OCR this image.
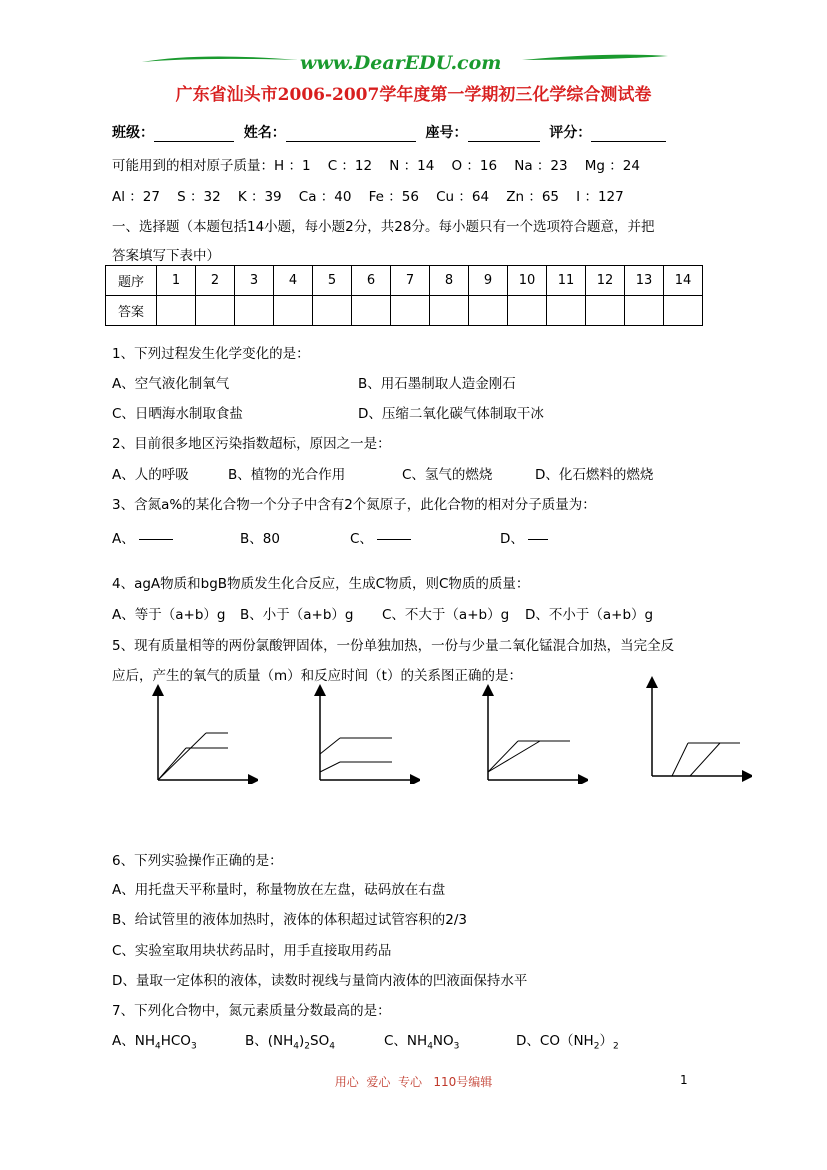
www.DearEDU.com
广东省汕头市2006-2007学年度第一学期初三化学综合测试卷
班级：	姓名：	座号：	评分：
可能用到的相对原子质量：H ：1    C ：12    N ：14    O ：16    Na ：23    Mg ：24
Al ：27    S ：32    K ：39    Ca ：40    Fe ：56    Cu ：64    Zn ：65    I ：127
一、选择题（本题包括14小题，每小题2分，共28分。每小题只有一个选项符合题意，并把
答案填写下表中）
题序	1	2	3	4	5	6	7	8	9	10	11	12	13	14
答案														
1、下列过程发生化学变化的是：
A、空气液化制氧气	B、用石墨制取人造金刚石
C、日晒海水制取食盐	D、压缩二氧化碳气体制取干冰
2、目前很多地区污染指数超标，原因之一是：
A、人的呼吸	B、植物的光合作用	C、氢气的燃烧	D、化石燃料的燃烧
3、含氮a%的某化合物一个分子中含有2个氮原子，此化合物的相对分子质量为：
A、	B、80	C、	D、
4、agA物质和bgB物质发生化合反应，生成C物质，则C物质的质量：
A、等于（a+b）g B、小于（a+b）g C、不大于（a+b）g D、不小于（a+b）g
5、现有质量相等的两份氯酸钾固体，一份单独加热，一份与少量二氧化锰混合加热，当完全反
应后，产生的氧气的质量（m）和反应时间（t）的关系图正确的是：
6、下列实验操作正确的是：
A、用托盘天平称量时，称量物放在左盘，砝码放在右盘
B、给试管里的液体加热时，液体的体积超过试管容积的2/3
C、实验室取用块状药品时，用手直接取用药品
D、量取一定体积的液体，读数时视线与量筒内液体的凹液面保持水平
7、下列化合物中，氮元素质量分数最高的是：
A、$NH_4HCO_3$	B、$(NH_4)_2SO_4$	C、$NH_4NO_3$	D、$CO(NH_2)_2$
用心  爱心  专心   110号编辑	1
